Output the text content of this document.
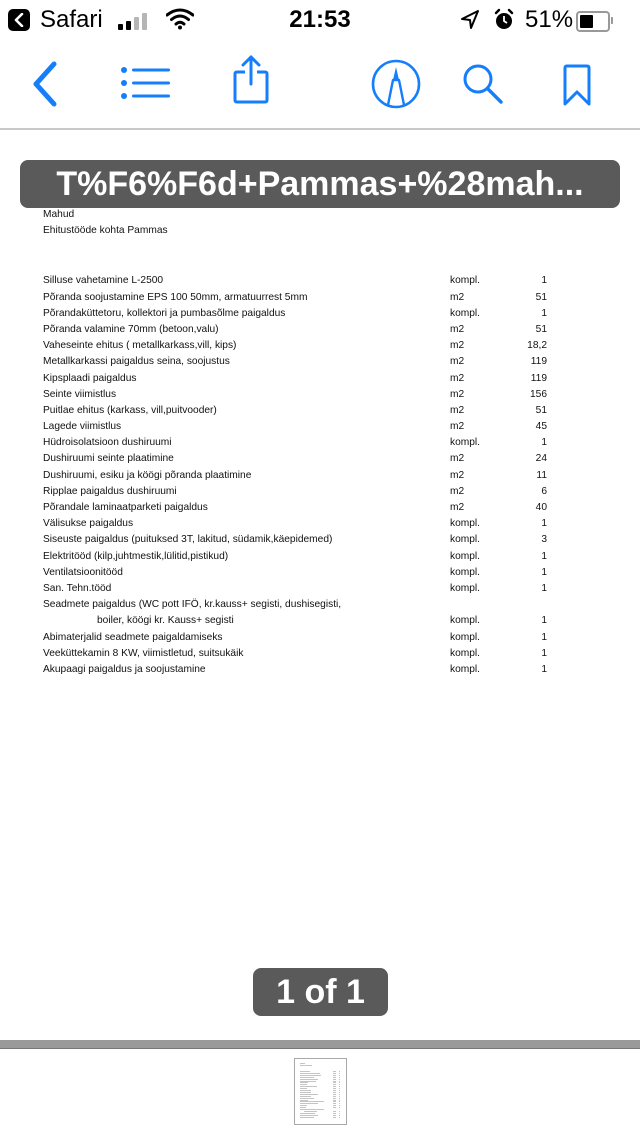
Safari	21:53	51%
T%F6%F6d+Pammas+%28mah...
Mahud
Ehitustööde kohta Pammas
Silluse vahetamine L-2500	kompl.	1
Põranda soojustamine EPS 100 50mm, armatuurrest 5mm	m2	51
Põrandaküttetoru, kollektori ja pumbasõlme paigaldus	kompl.	1
Põranda valamine 70mm (betoon,valu)	m2	51
Vaheseinte ehitus ( metallkarkass,vill, kips)	m2	18,2
Metallkarkassi paigaldus seina, soojustus	m2	119
Kipsplaadi paigaldus	m2	119
Seinte viimistlus	m2	156
Puitlae ehitus (karkass, vill,puitvooder)	m2	51
Lagede viimistlus	m2	45
Hüdroisolatsioon dushiruumi	kompl.	1
Dushiruumi seinte plaatimine	m2	24
Dushiruumi, esiku ja köögi põranda plaatimine	m2	11
Ripplae paigaldus dushiruumi	m2	6
Põrandale laminaatparketi paigaldus	m2	40
Välisukse paigaldus	kompl.	1
Siseuste paigaldus (puituksed 3T, lakitud, südamik,käepidemed)	kompl.	3
Elektritööd (kilp,juhtmestik,lülitid,pistikud)	kompl.	1
Ventilatsioonitööd	kompl.	1
San. Tehn.tööd	kompl.	1
Seadmete paigaldus (WC pott IFÖ, kr.kauss+ segisti, dushisegisti,
boiler, köögi kr. Kauss+ segisti	kompl.	1
Abimaterjalid seadmete paigaldamiseks	kompl.	1
Veeküttekamin 8 KW, viimistletud, suitsukäik	kompl.	1
Akupaagi paigaldus ja soojustamine	kompl.	1
1 of 1
